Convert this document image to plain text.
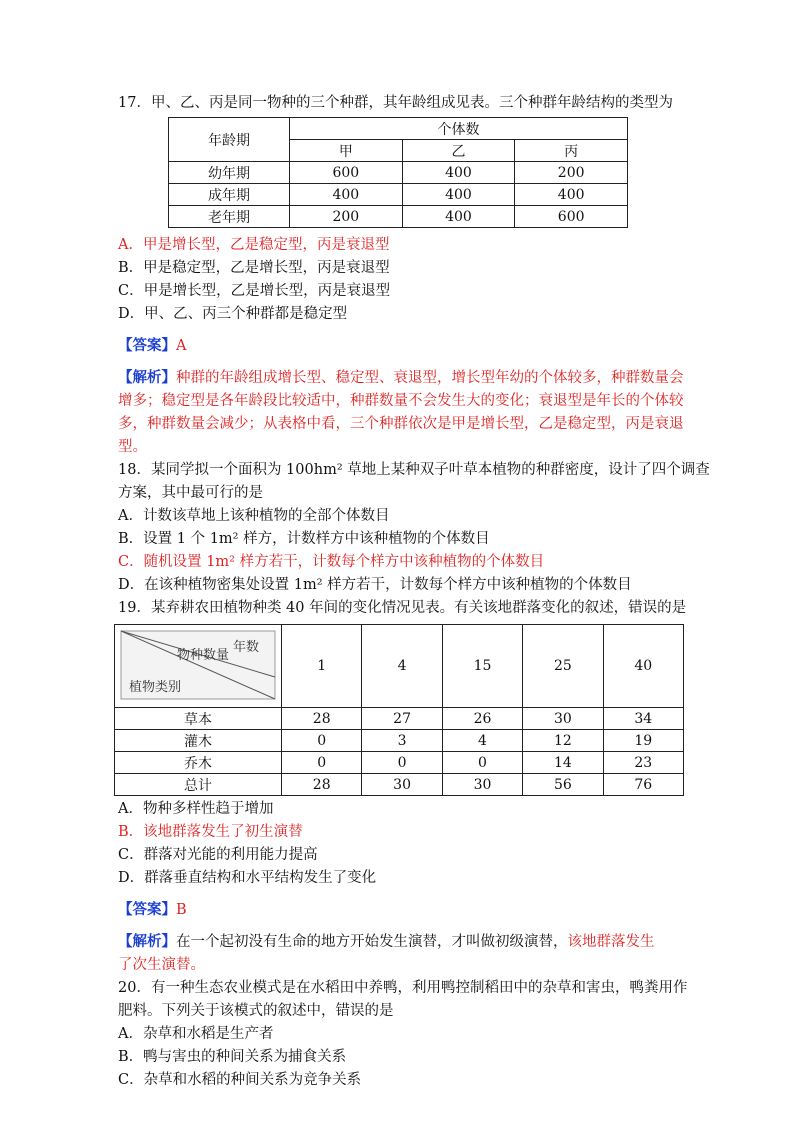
17．甲、乙、丙是同一物种的三个种群，其年龄组成见表。三个种群年龄结构的类型为
年龄期	个体数		
	甲	乙	丙
幼年期	600	400	200
成年期	400	400	400
老年期	200	400	600
A．甲是增长型，乙是稳定型，丙是衰退型
B．甲是稳定型，乙是增长型，丙是衰退型
C．甲是增长型，乙是增长型，丙是衰退型
D．甲、乙、丙三个种群都是稳定型
【答案】A
【解析】种群的年龄组成增长型、稳定型、衰退型，增长型年幼的个体较多，种群数量会
增多；稳定型是各年龄段比较适中，种群数量不会发生大的变化；衰退型是年长的个体较
多，种群数量会减少；从表格中看，三个种群依次是甲是增长型，乙是稳定型，丙是衰退
型。
18．某同学拟一个面积为 100hm² 草地上某种双子叶草本植物的种群密度，设计了四个调查
方案，其中最可行的是
A．计数该草地上该种植物的全部个体数目
B．设置 1 个 1m² 样方，计数样方中该种植物的个体数目
C．随机设置 1m² 样方若干，计数每个样方中该种植物的个体数目
D．在该种植物密集处设置 1m² 样方若干，计数每个样方中该种植物的个体数目
19．某弃耕农田植物种类 40 年间的变化情况见表。有关该地群落变化的叙述，错误的是
年数
物种数量
植物类别	1	4	15	25	40
草本	28	27	26	30	34
灌木	0	3	4	12	19
乔木	0	0	0	14	23
总计	28	30	30	56	76
A．物种多样性趋于增加
B．该地群落发生了初生演替
C．群落对光能的利用能力提高
D．群落垂直结构和水平结构发生了变化
【答案】B
【解析】在一个起初没有生命的地方开始发生演替，才叫做初级演替，该地群落发生
了次生演替。
20．有一种生态农业模式是在水稻田中养鸭，利用鸭控制稻田中的杂草和害虫，鸭粪用作
肥料。下列关于该模式的叙述中，错误的是
A．杂草和水稻是生产者
B．鸭与害虫的种间关系为捕食关系
C．杂草和水稻的种间关系为竞争关系
